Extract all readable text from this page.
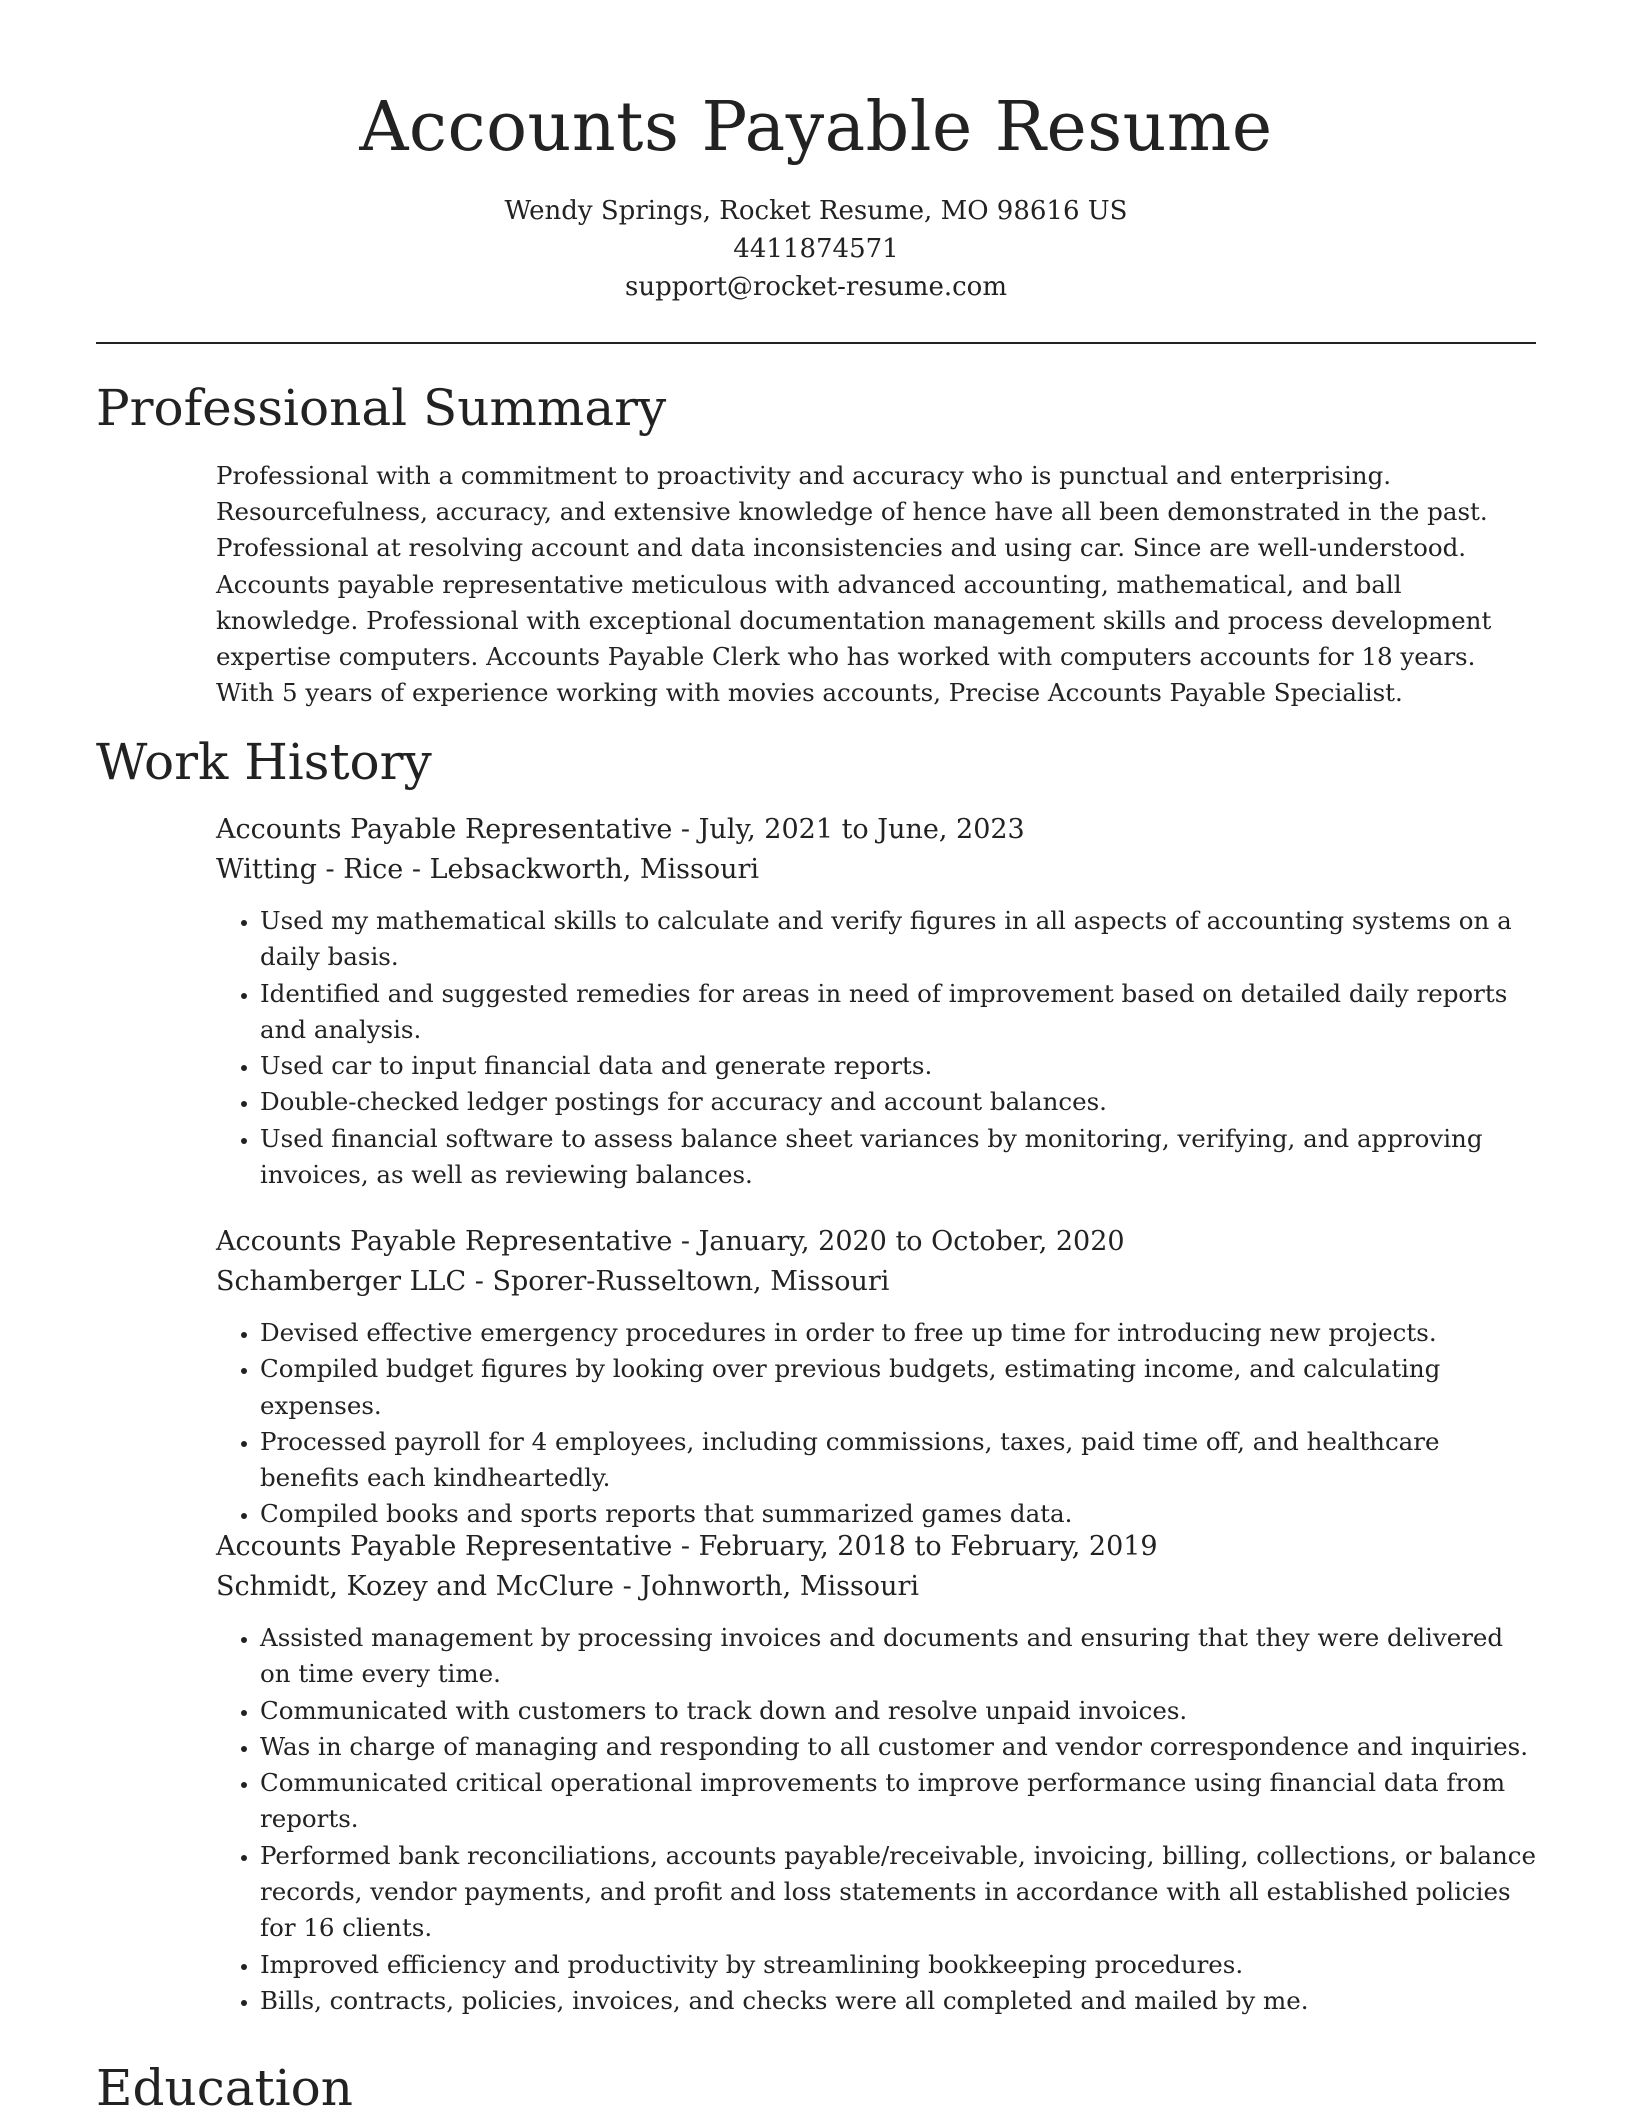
Accounts Payable Resume
Wendy Springs, Rocket Resume, MO 98616 US
4411874571
support@rocket-resume.com
Professional Summary
Professional with a commitment to proactivity and accuracy who is punctual and enterprising. Resourcefulness, accuracy, and extensive knowledge of hence have all been demonstrated in the past. Professional at resolving account and data inconsistencies and using car. Since are well-understood. Accounts payable representative meticulous with advanced accounting, mathematical, and ball knowledge. Professional with exceptional documentation management skills and process development expertise computers. Accounts Payable Clerk who has worked with computers accounts for 18 years. With 5 years of experience working with movies accounts, Precise Accounts Payable Specialist.
Work History
Accounts Payable Representative - July, 2021 to June, 2023
Witting - Rice - Lebsackworth, Missouri
• Used my mathematical skills to calculate and verify figures in all aspects of accounting systems on a daily basis.
• Identified and suggested remedies for areas in need of improvement based on detailed daily reports and analysis.
• Used car to input financial data and generate reports.
• Double-checked ledger postings for accuracy and account balances.
• Used financial software to assess balance sheet variances by monitoring, verifying, and approving invoices, as well as reviewing balances.
Accounts Payable Representative - January, 2020 to October, 2020
Schamberger LLC - Sporer-Russeltown, Missouri
• Devised effective emergency procedures in order to free up time for introducing new projects.
• Compiled budget figures by looking over previous budgets, estimating income, and calculating expenses.
• Processed payroll for 4 employees, including commissions, taxes, paid time off, and healthcare benefits each kindheartedly.
• Compiled books and sports reports that summarized games data.
Accounts Payable Representative - February, 2018 to February, 2019
Schmidt, Kozey and McClure - Johnworth, Missouri
• Assisted management by processing invoices and documents and ensuring that they were delivered on time every time.
• Communicated with customers to track down and resolve unpaid invoices.
• Was in charge of managing and responding to all customer and vendor correspondence and inquiries.
• Communicated critical operational improvements to improve performance using financial data from reports.
• Performed bank reconciliations, accounts payable/receivable, invoicing, billing, collections, or balance records, vendor payments, and profit and loss statements in accordance with all established policies for 16 clients.
• Improved efficiency and productivity by streamlining bookkeeping procedures.
• Bills, contracts, policies, invoices, and checks were all completed and mailed by me.
Education
